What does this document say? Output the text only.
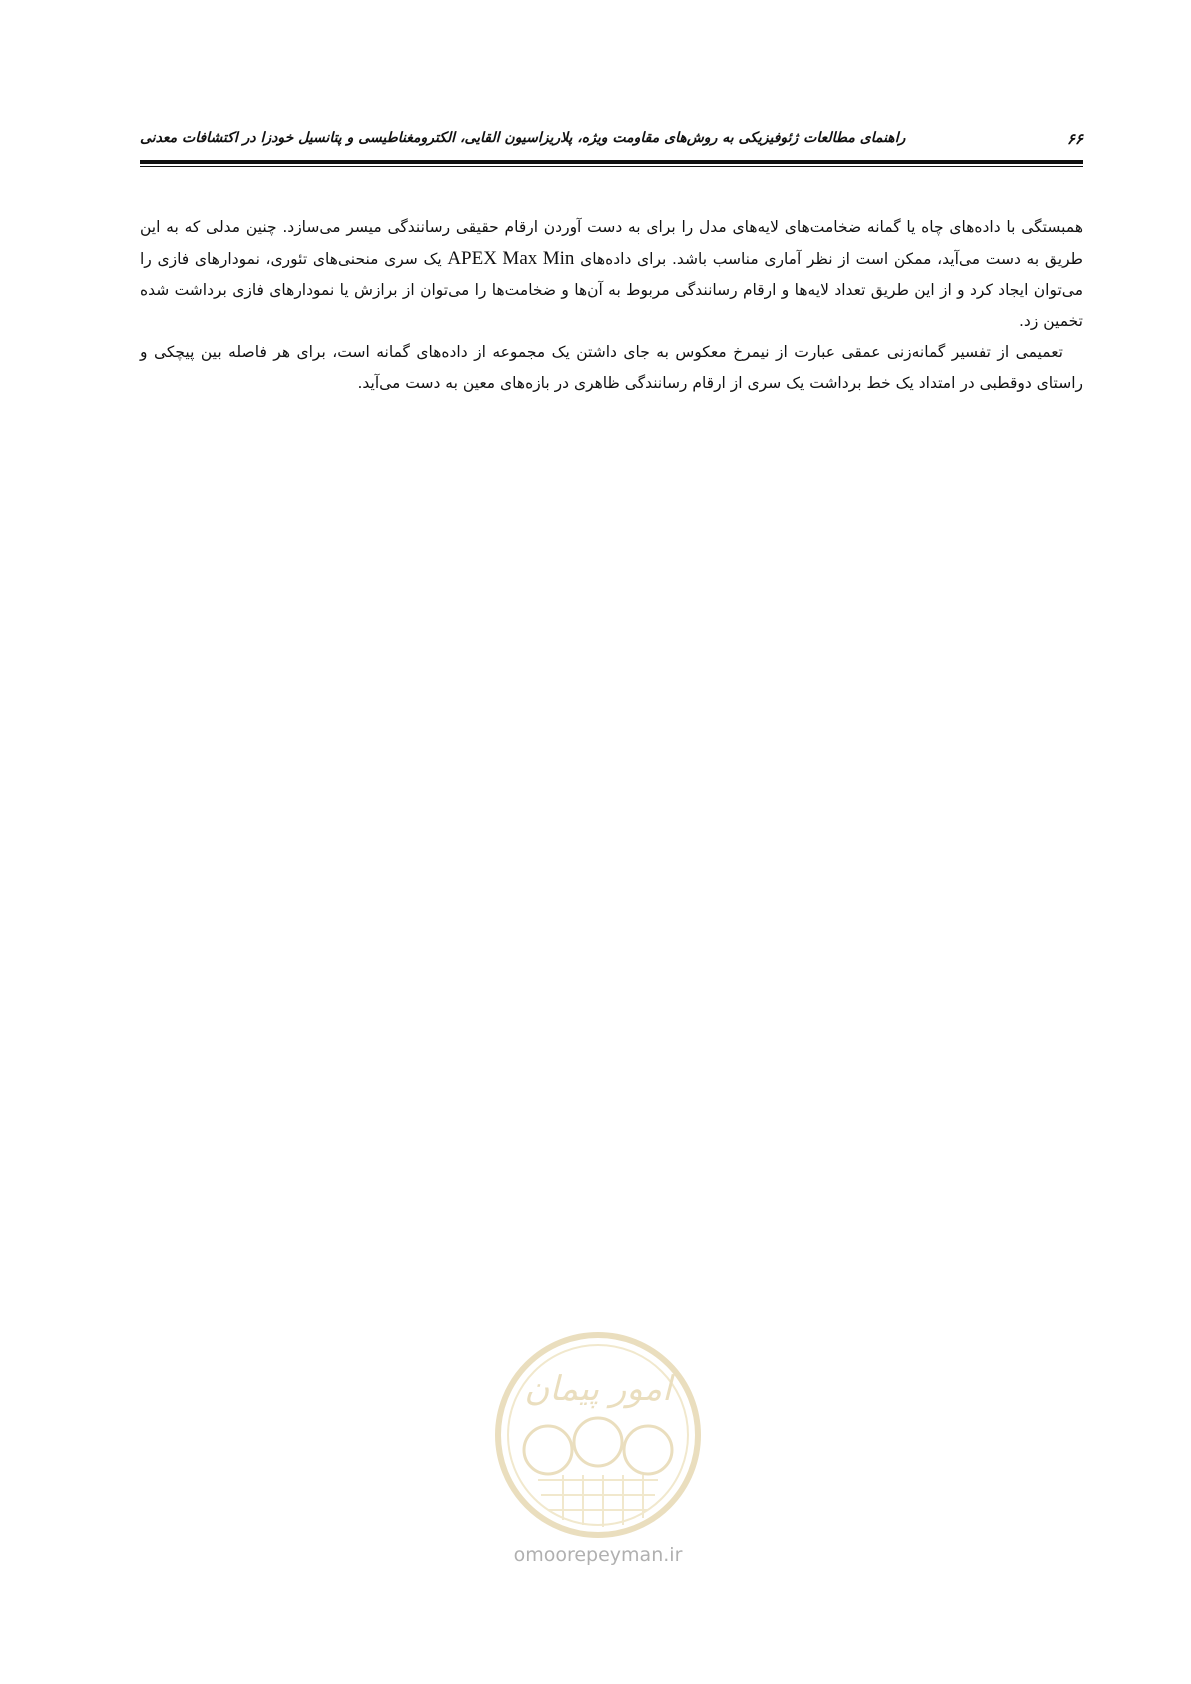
۶۶
راهنمای مطالعات ژئوفیزیکی به روش‌های مقاومت ویژه، پلاریزاسیون القایی، الکترومغناطیسی و پتانسیل خودزا در اکتشافات معدنی

همبستگی با داده‌های چاه یا گمانه ضخامت‌های لایه‌های مدل را برای به دست آوردن ارقام حقیقی رسانندگی میسر می‌سازد. چنین مدلی که به این طریق به دست می‌آید، ممکن است از نظر آماری مناسب باشد. برای داده‌های APEX Max Min یک سری منحنی‌های تئوری، نمودارهای فازی را می‌توان ایجاد کرد و از این طریق تعداد لایه‌ها و ارقام رسانندگی مربوط به آن‌ها و ضخامت‌ها را می‌توان از برازش یا نمودارهای فازی برداشت شده تخمین زد.

تعمیمی از تفسیر گمانه‌زنی عمقی عبارت از نیمرخ معکوس به جای داشتن یک مجموعه از داده‌های گمانه است، برای هر فاصله بین پیچکی و راستای دوقطبی در امتداد یک خط برداشت یک سری از ارقام رسانندگی ظاهری در بازه‌های معین به دست می‌آید.

امور پیمان
omoorepeyman.ir
